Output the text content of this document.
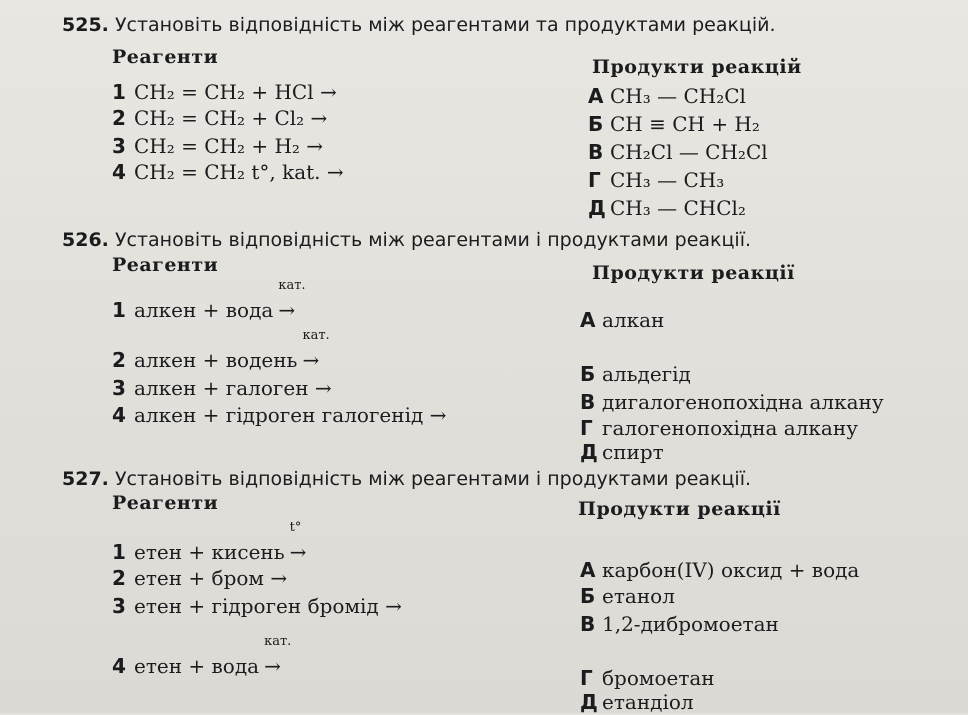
525. Установіть відповідність між реагентами та продуктами реакцій.
Реагенти	Продукти реакцій
1 CH₂ = CH₂ + HCl →
2 CH₂ = CH₂ + Cl₂ →
3 CH₂ = CH₂ + H₂ →
4 CH₂ = CH₂ t°, kat. →
А CH₃ — CH₂Cl
Б CH ≡ CH + H₂
В CH₂Cl — CH₂Cl
Г CH₃ — CH₃
Д CH₃ — CHCl₂
526. Установіть відповідність між реагентами і продуктами реакції.
Реагенти	Продукти реакції
1 алкен + вода
кат.
→
2 алкен + водень
кат.
→
3 алкен + галоген →
4 алкен + гідроген галогенід →
А алкан
Б альдегід
В дигалогенопохідна алкану
Г галогенопохідна алкану
Д спирт
527. Установіть відповідність між реагентами і продуктами реакції.
Реагенти	Продукти реакції
1 етен + кисень
t°
→
2 етен + бром →
3 етен + гідроген бромід →
4 етен + вода
кат.
→
А карбон(IV) оксид + вода
Б етанол
В 1,2-дибромоетан
Г бромоетан
Д етандіол
